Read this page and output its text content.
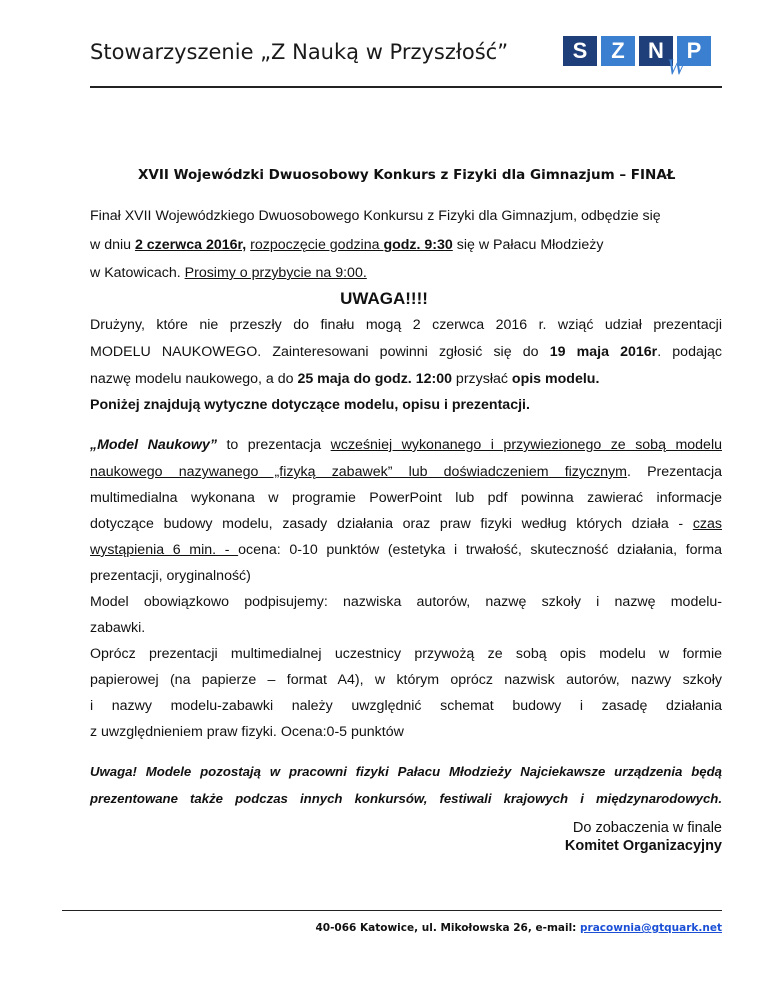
Stowarzyszenie „Z Nauką w Przyszłość”	S	Z	N	P
W
XVII Wojewódzki Dwuosobowy Konkurs z Fizyki dla Gimnazjum – FINAŁ
Finał XVII Wojewódzkiego Dwuosobowego Konkursu z Fizyki dla Gimnazjum, odbędzie się
w dniu 2 czerwca 2016r, rozpoczęcie godzina godz. 9:30 się w Pałacu Młodzieży
w Katowicach. Prosimy o przybycie na 9:00.
UWAGA!!!!
Drużyny, które nie przeszły do finału mogą 2 czerwca 2016 r. wziąć udział prezentacji
MODELU NAUKOWEGO. Zainteresowani powinni zgłosić się do 19 maja 2016r. podając
nazwę modelu naukowego, a do 25 maja do godz. 12:00 przysłać opis modelu.
Poniżej znajdują wytyczne dotyczące modelu, opisu i prezentacji.
„Model Naukowy” to prezentacja wcześniej wykonanego i przywiezionego ze sobą modelu
naukowego nazywanego „fizyką zabawek” lub doświadczeniem fizycznym. Prezentacja
multimedialna wykonana w programie PowerPoint lub pdf powinna zawierać informacje
dotyczące budowy modelu, zasady działania oraz praw fizyki według których działa - czas
wystąpienia 6 min. - ocena: 0-10 punktów (estetyka i trwałość, skuteczność działania, forma
prezentacji, oryginalność)
Model obowiązkowo podpisujemy: nazwiska autorów, nazwę szkoły i nazwę modelu-
zabawki.
Oprócz prezentacji multimedialnej uczestnicy przywożą ze sobą opis modelu w formie
papierowej (na papierze – format A4), w którym oprócz nazwisk autorów, nazwy szkoły
i nazwy modelu-zabawki należy uwzględnić schemat budowy i zasadę działania
z uwzględnieniem praw fizyki. Ocena:0-5 punktów
Uwaga! Modele pozostają w pracowni fizyki Pałacu Młodzieży Najciekawsze urządzenia będą
prezentowane także podczas innych konkursów, festiwali krajowych i międzynarodowych.
Do zobaczenia w finale
Komitet Organizacyjny
40-066 Katowice, ul. Mikołowska 26, e-mail: pracownia@gtquark.net
